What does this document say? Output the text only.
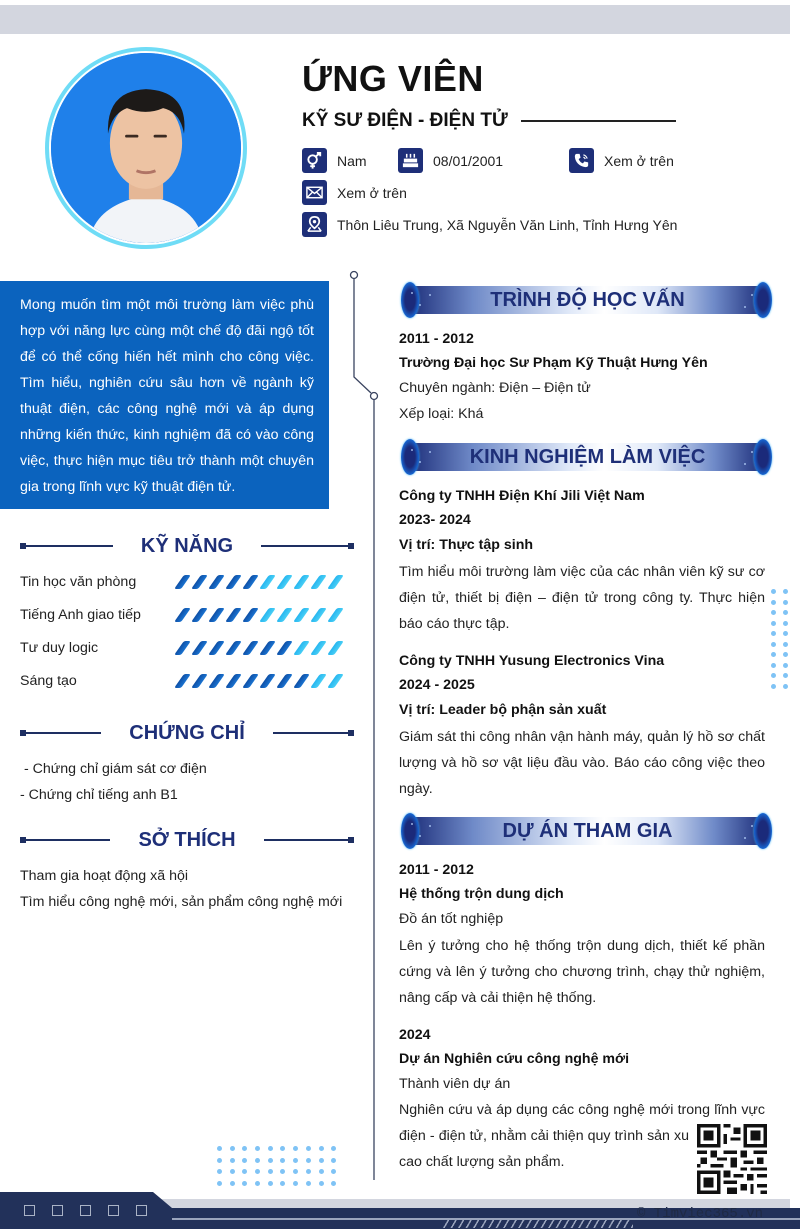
ỨNG VIÊN
KỸ SƯ ĐIỆN - ĐIỆN TỬ
Nam	08/01/2001	Xem ở trên
Xem ở trên
Thôn Liêu Trung, Xã Nguyễn Văn Linh, Tỉnh Hưng Yên
Mong muốn tìm một môi trường làm việc phù hợp với năng lực cùng một chế độ đãi ngộ tốt để có thể cống hiến hết mình cho công việc. Tìm hiểu, nghiên cứu sâu hơn về ngành kỹ thuật điện, các công nghệ mới và áp dụng những kiến thức, kinh nghiệm đã có vào công việc, thực hiện mục tiêu trở thành một chuyên gia trong lĩnh vực kỹ thuật điện tử.
KỸ NĂNG
Tin học văn phòng
Tiếng Anh giao tiếp
Tư duy logic
Sáng tạo
CHỨNG CHỈ
- Chứng chỉ giám sát cơ điện
- Chứng chỉ tiếng anh B1
SỞ THÍCH
Tham gia hoạt động xã hội
Tìm hiểu công nghệ mới, sản phẩm công nghệ mới
TRÌNH ĐỘ HỌC VẤN
2011 - 2012
Trường Đại học Sư Phạm Kỹ Thuật Hưng Yên
Chuyên ngành: Điện – Điện tử
Xếp loại: Khá
KINH NGHIỆM LÀM VIỆC
Công ty TNHH Điện Khí Jili Việt Nam
2023- 2024
Vị trí: Thực tập sinh
Tìm hiểu môi trường làm việc của các nhân viên kỹ sư cơ điện tử, thiết bị điện – điện tử trong công ty. Thực hiện báo cáo thực tập.
Công ty TNHH Yusung Electronics Vina
2024 - 2025
Vị trí: Leader bộ phận sản xuất
Giám sát thi công nhân vận hành máy, quản lý hồ sơ chất lượng và hồ sơ vật liệu đầu vào. Báo cáo công việc theo ngày.
DỰ ÁN THAM GIA
2011 - 2012
Hệ thống trộn dung dịch
Đồ án tốt nghiệp
Lên ý tưởng cho hệ thống trộn dung dịch, thiết kế phần cứng và lên ý tưởng cho chương trình, chạy thử nghiệm, nâng cấp và cải thiện hệ thống.
2024
Dự án Nghiên cứu công nghệ mới
Thành viên dự án
Nghiên cứu và áp dụng các công nghệ mới trong lĩnh vực
điện - điện tử, nhằm cải thiện quy trình sản xu
cao chất lượng sản phẩm.
© Timviec365.vn
